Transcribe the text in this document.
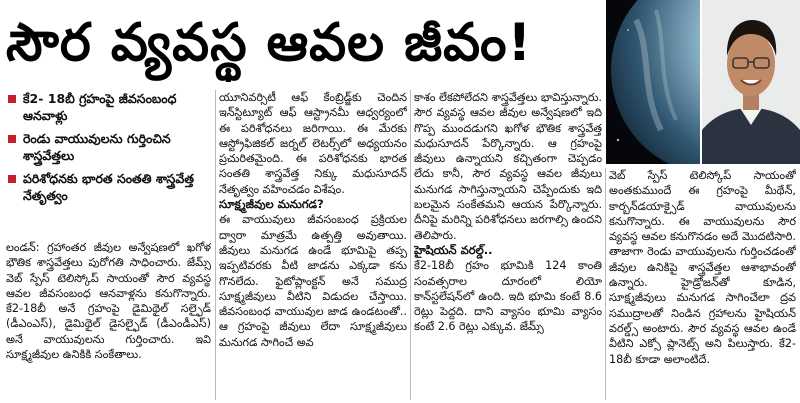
సౌర వ్యవస్థ ఆవల జీవం!
కే2- 18బీ గ్రహంపై జీవసంబంధ ఆనవాళ్లు
రెండు వాయువులను గుర్తించిన శాస్త్రవేత్తలు
పరిశోధనకు భారత సంతతి శాస్త్రవేత్త నేతృత్వం

లండన్: గ్రహాంతర జీవుల అన్వేషణలో ఖగోళ భౌతిక శాస్త్రవేత్తలు పురోగతి సాధించారు. జేమ్స్ వెబ్ స్పేస్ టెలిస్కోప్ సాయంతో సౌర వ్యవస్థ ఆవల జీవసంబంధ ఆనవాళ్లను కనుగొన్నారు. కే2-18బీ అనే గ్రహంపై డైమిథైల్ సల్ఫైడ్ (డీఎంఎస్), డైమిథైల్ డైసల్ఫైడ్ (డీఎండీఎస్) అనే వాయువులను గుర్తించారు. ఇవి సూక్ష్మజీవుల ఉనికికి సంకేతాలు.

యూనివర్సిటీ ఆఫ్ కేంబ్రిడ్జ్‌కు చెందిన ఇన్‌స్టిట్యూట్ ఆఫ్ ఆస్ట్రానమీ ఆధ్వర్యంలో ఈ పరిశోధనలు జరిగాయి. ఈ మేరకు ఆస్ట్రోఫిజికల్ జర్నల్ లెటర్స్‌లో అధ్యయనం ప్రచురితమైంది. ఈ పరిశోధనకు భారత సంతతి శాస్త్రవేత్త నిక్కు మధుసూదన్ నేతృత్వం వహించడం విశేషం.

సూక్ష్మజీవుల మనుగడ?

ఈ వాయువులు జీవసంబంధ ప్రక్రియల ద్వారా మాత్రమే ఉత్పత్తి అవుతాయి. జీవులు మనుగడ ఉండే భూమిపై తప్ప ఇప్పటివరకు వీటి జాడను ఎక్కడా కను గొనలేదు. ఫైటోప్లాంక్టన్ అనే సముద్ర సూక్ష్మజీవులు వీటిని విడుదల చేస్తాయి. జీవసంబంధ వాయువుల జాడ ఉండటంతో.. ఆ గ్రహంపై జీవులు లేదా సూక్ష్మజీవులు మనుగడ సాగించే అవ

కాశం లేకపోలేదని శాస్త్రవేత్తలు భావిస్తున్నారు. సౌర వ్యవస్థ ఆవల జీవుల అన్వేషణలో ఇది గొప్ప ముందడుగని ఖగోళ భౌతిక శాస్త్రవేత్త మధుసూదన్ పేర్కొన్నారు. ఆ గ్రహంపై జీవులు ఉన్నాయని కచ్చితంగా చెప్పడం లేదు కానీ, సౌర వ్యవస్థ ఆవల జీవులు మనుగడ సాగిస్తున్నాయని చెప్పేందుకు ఇది బలమైన సంకేతమని ఆయన పేర్కొన్నారు. దీనిపై మరిన్ని పరిశోధనలు జరగాల్సి ఉందని తెలిపారు.

హైషియన్ వరల్డ్..

కే2-18బీ గ్రహం భూమికి 124 కాంతి సంవత్సరాల దూరంలో లియో కాన్‌స్టలేషన్‌లో ఉంది. ఇది భూమి కంటే 8.6 రెట్లు పెద్దది. దాని వ్యాసం భూమి వ్యాసం కంటే 2.6 రెట్లు ఎక్కువ. జేమ్స్

వెబ్ స్పేస్ టెలిస్కోప్ సాయంతో అంతకుముందే ఈ గ్రహంపై మీథేన్, కార్బన్‌డయాక్సైడ్ వాయువులను కనుగొన్నారు. ఈ వాయువులను సౌర వ్యవస్థ ఆవల కనుగొనడం అదే మొదటిసారి. తాజాగా రెండు వాయువులను గుర్తించడంతో జీవుల ఉనికిపై శాస్త్రవేత్తల ఆశాభావంతో ఉన్నారు. హైడ్రోజన్‌తో కూడిన, సూక్ష్మజీవులు మనుగడ సాగించేలా ద్రవ సముద్రాలతో నిండిన గ్రహాలను హైషియన్ వరల్డ్స్ అంటారు. సౌర వ్యవస్థ ఆవల ఉండే వీటిని ఎక్సో ప్లానెట్స్ అని పిలుస్తారు. కే2-18బీ కూడా అలాంటిదే.
